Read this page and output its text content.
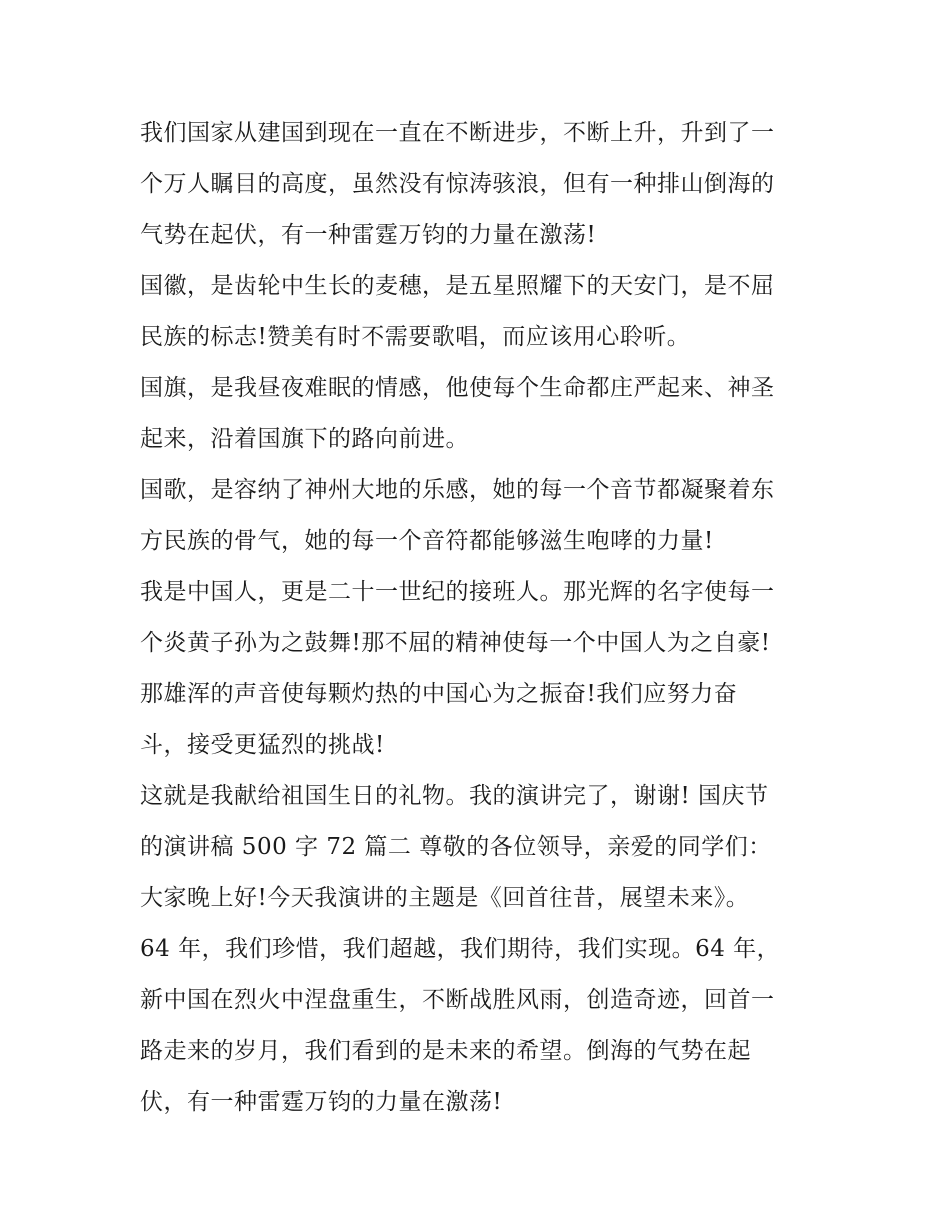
我们国家从建国到现在一直在不断进步，不断上升，升到了一
个万人瞩目的高度，虽然没有惊涛骇浪，但有一种排山倒海的
气势在起伏，有一种雷霆万钧的力量在激荡!
国徽，是齿轮中生长的麦穗，是五星照耀下的天安门，是不屈
民族的标志!赞美有时不需要歌唱，而应该用心聆听。
国旗，是我昼夜难眠的情感，他使每个生命都庄严起来、神圣
起来，沿着国旗下的路向前进。
国歌，是容纳了神州大地的乐感，她的每一个音节都凝聚着东
方民族的骨气，她的每一个音符都能够滋生咆哮的力量!
我是中国人，更是二十一世纪的接班人。那光辉的名字使每一
个炎黄子孙为之鼓舞!那不屈的精神使每一个中国人为之自豪!
那雄浑的声音使每颗灼热的中国心为之振奋!我们应努力奋
斗，接受更猛烈的挑战!
这就是我献给祖国生日的礼物。我的演讲完了，谢谢! 国庆节
的演讲稿 500 字 72 篇二 尊敬的各位领导，亲爱的同学们：
大家晚上好!今天我演讲的主题是《回首往昔，展望未来》。
64 年，我们珍惜，我们超越，我们期待，我们实现。64 年，
新中国在烈火中涅盘重生，不断战胜风雨，创造奇迹，回首一
路走来的岁月，我们看到的是未来的希望。倒海的气势在起
伏，有一种雷霆万钧的力量在激荡!
